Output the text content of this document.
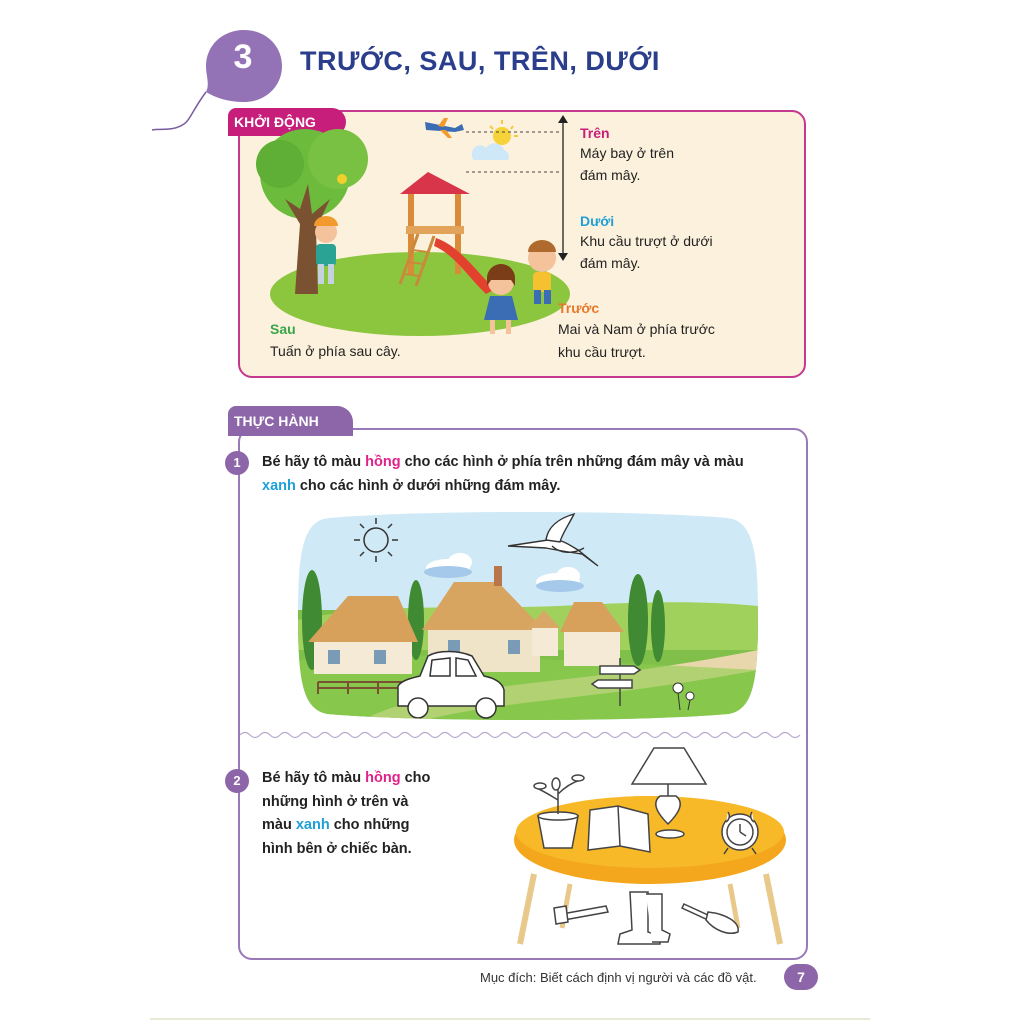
3	TRƯỚC, SAU, TRÊN, DƯỚI
KHỞI ĐỘNG
Trên
Máy bay ở trên
đám mây.
Dưới
Khu cầu trượt ở dưới
đám mây.
Trước
Mai và Nam ở phía trước
khu cầu trượt.
Sau
Tuấn ở phía sau cây.
THỰC HÀNH
1	Bé hãy tô màu hồng cho các hình ở phía trên những đám mây và màu
xanh cho các hình ở dưới những đám mây.
2	Bé hãy tô màu hồng cho
những hình ở trên và
màu xanh cho những
hình bên ở chiếc bàn.
Mục đích: Biết cách định vị người và các đồ vật.	7
